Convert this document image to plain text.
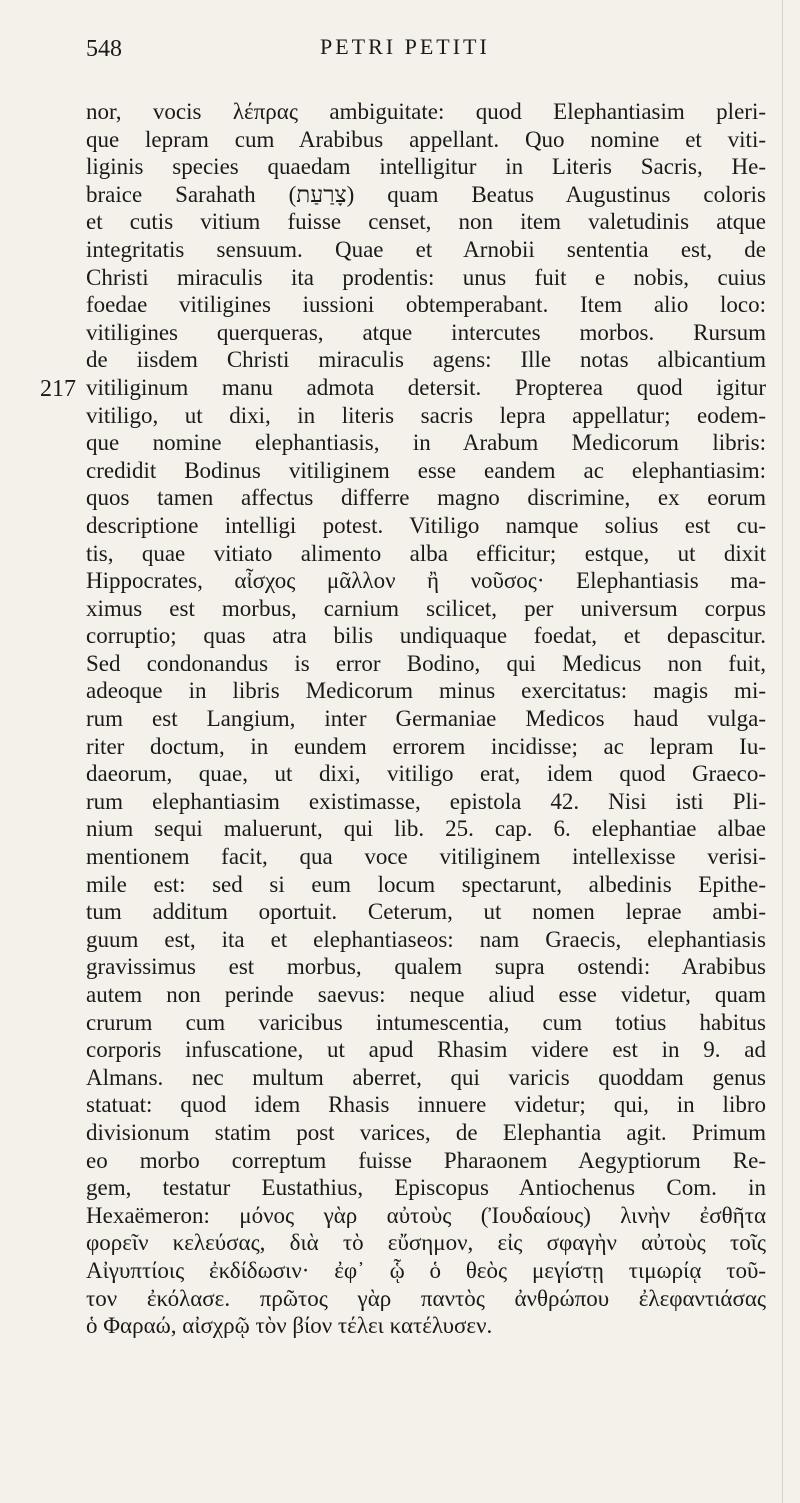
548	PETRI PETITI
217
nor, vocis λέπρας ambiguitate: quod Elephantiasim pleri-
que lepram cum Arabibus appellant. Quo nomine et viti-
liginis species quaedam intelligitur in Literis Sacris, He-
braice Sarahath (צָרַעַת) quam Beatus Augustinus coloris
et cutis vitium fuisse censet, non item valetudinis atque
integritatis sensuum. Quae et Arnobii sententia est, de
Christi miraculis ita prodentis: unus fuit e nobis, cuius
foedae vitiligines iussioni obtemperabant. Item alio loco:
vitiligines querqueras, atque intercutes morbos. Rursum
de iisdem Christi miraculis agens: Ille notas albicantium
vitiliginum manu admota detersit. Propterea quod igitur
vitiligo, ut dixi, in literis sacris lepra appellatur; eodem-
que nomine elephantiasis, in Arabum Medicorum libris:
credidit Bodinus vitiliginem esse eandem ac elephantiasim:
quos tamen affectus differre magno discrimine, ex eorum
descriptione intelligi potest. Vitiligo namque solius est cu-
tis, quae vitiato alimento alba efficitur; estque, ut dixit
Hippocrates, αἶσχος μᾶλλον ἢ νοῦσος· Elephantiasis ma-
ximus est morbus, carnium scilicet, per universum corpus
corruptio; quas atra bilis undiquaque foedat, et depascitur.
Sed condonandus is error Bodino, qui Medicus non fuit,
adeoque in libris Medicorum minus exercitatus: magis mi-
rum est Langium, inter Germaniae Medicos haud vulga-
riter doctum, in eundem errorem incidisse; ac lepram Iu-
daeorum, quae, ut dixi, vitiligo erat, idem quod Graeco-
rum elephantiasim existimasse, epistola 42. Nisi isti Pli-
nium sequi maluerunt, qui lib. 25. cap. 6. elephantiae albae
mentionem facit, qua voce vitiliginem intellexisse verisi-
mile est: sed si eum locum spectarunt, albedinis Epithe-
tum additum oportuit. Ceterum, ut nomen leprae ambi-
guum est, ita et elephantiaseos: nam Graecis, elephantiasis
gravissimus est morbus, qualem supra ostendi: Arabibus
autem non perinde saevus: neque aliud esse videtur, quam
crurum cum varicibus intumescentia, cum totius habitus
corporis infuscatione, ut apud Rhasim videre est in 9. ad
Almans. nec multum aberret, qui varicis quoddam genus
statuat: quod idem Rhasis innuere videtur; qui, in libro
divisionum statim post varices, de Elephantia agit. Primum
eo morbo correptum fuisse Pharaonem Aegyptiorum Re-
gem, testatur Eustathius, Episcopus Antiochenus Com. in
Hexaëmeron: μόνος γὰρ αὐτοὺς (Ἰουδαίους) λινὴν ἐσθῆτα
φορεῖν κελεύσας, διὰ τὸ εὔσημον, εἰς σφαγὴν αὐτοὺς τοῖς
Αἰγυπτίοις ἐκδίδωσιν· ἐφ᾽ ᾧ ὁ θεὸς μεγίστῃ τιμωρίᾳ τοῦ-
τον ἐκόλασε. πρῶτος γὰρ παντὸς ἀνθρώπου ἐλεφαντιάσας
ὁ Φαραώ, αἰσχρῷ τὸν βίον τέλει κατέλυσεν.
